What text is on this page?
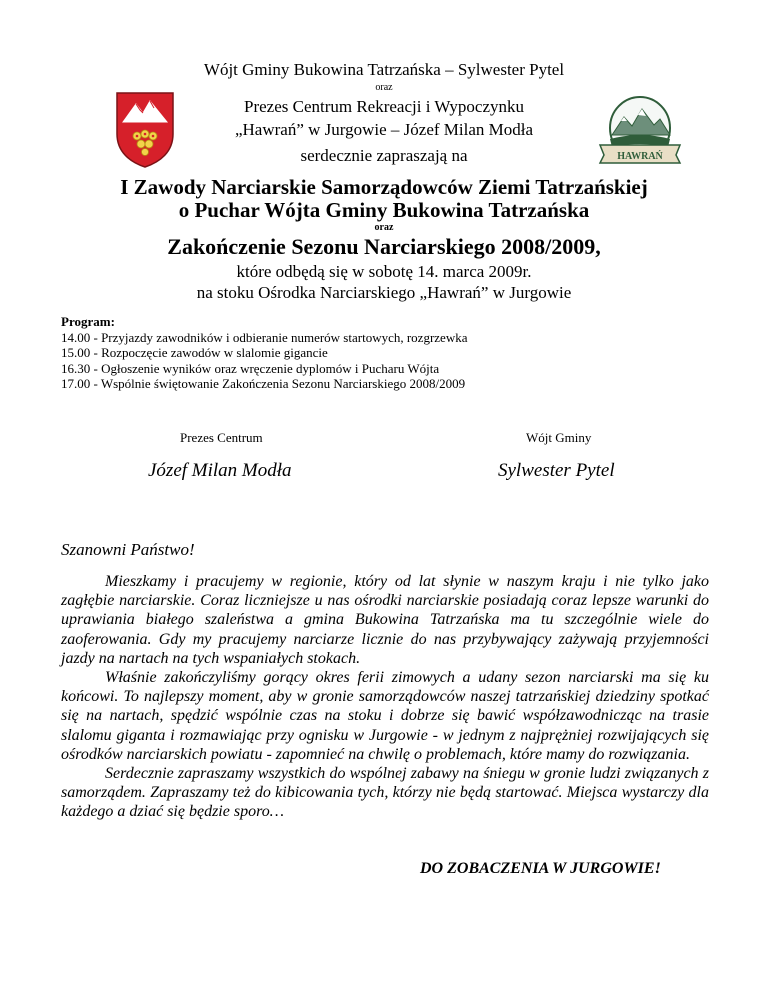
HAWRAŃ
Wójt Gminy Bukowina Tatrzańska – Sylwester Pytel
oraz
Prezes Centrum Rekreacji i Wypoczynku
„Hawrań” w Jurgowie – Józef Milan Modła
serdecznie zapraszają na
I Zawody Narciarskie Samorządowców Ziemi Tatrzańskiej
o Puchar Wójta Gminy Bukowina Tatrzańska
oraz
Zakończenie Sezonu Narciarskiego 2008/2009,
które odbędą się w sobotę 14. marca 2009r.
na stoku Ośrodka Narciarskiego „Hawrań” w Jurgowie
Program:
14.00 - Przyjazdy zawodników i odbieranie numerów startowych, rozgrzewka
15.00 - Rozpoczęcie zawodów w slalomie gigancie
16.30 - Ogłoszenie wyników oraz wręczenie dyplomów i Pucharu Wójta
17.00 - Wspólnie świętowanie Zakończenia Sezonu Narciarskiego 2008/2009
Prezes Centrum
Józef Milan Modła
Wójt Gminy
Sylwester Pytel
Szanowni Państwo!

Mieszkamy i pracujemy w regionie, który od lat słynie w naszym kraju i nie tylko jako zagłębie narciarskie. Coraz liczniejsze u nas ośrodki narciarskie posiadają coraz lepsze warunki do uprawiania białego szaleństwa a gmina Bukowina Tatrzańska ma tu szczególnie wiele do zaoferowania. Gdy my pracujemy narciarze licznie do nas przybywający zażywają przyjemności jazdy na nartach na tych wspaniałych stokach.

Właśnie zakończyliśmy gorący okres ferii zimowych a udany sezon narciarski ma się ku końcowi. To najlepszy moment, aby w gronie samorządowców naszej tatrzańskiej dziedziny spotkać się na nartach, spędzić wspólnie czas na stoku i dobrze się bawić współzawodnicząc na trasie slalomu giganta i rozmawiając przy ognisku w Jurgowie - w jednym z najprężniej rozwijających się ośrodków narciarskich powiatu - zapomnieć na chwilę o problemach, które mamy do rozwiązania.

Serdecznie zapraszamy wszystkich do wspólnej zabawy na śniegu w gronie ludzi związanych z samorządem. Zapraszamy też do kibicowania tych, którzy nie będą startować. Miejsca wystarczy dla każdego a dziać się będzie sporo…

DO ZOBACZENIA W JURGOWIE!
